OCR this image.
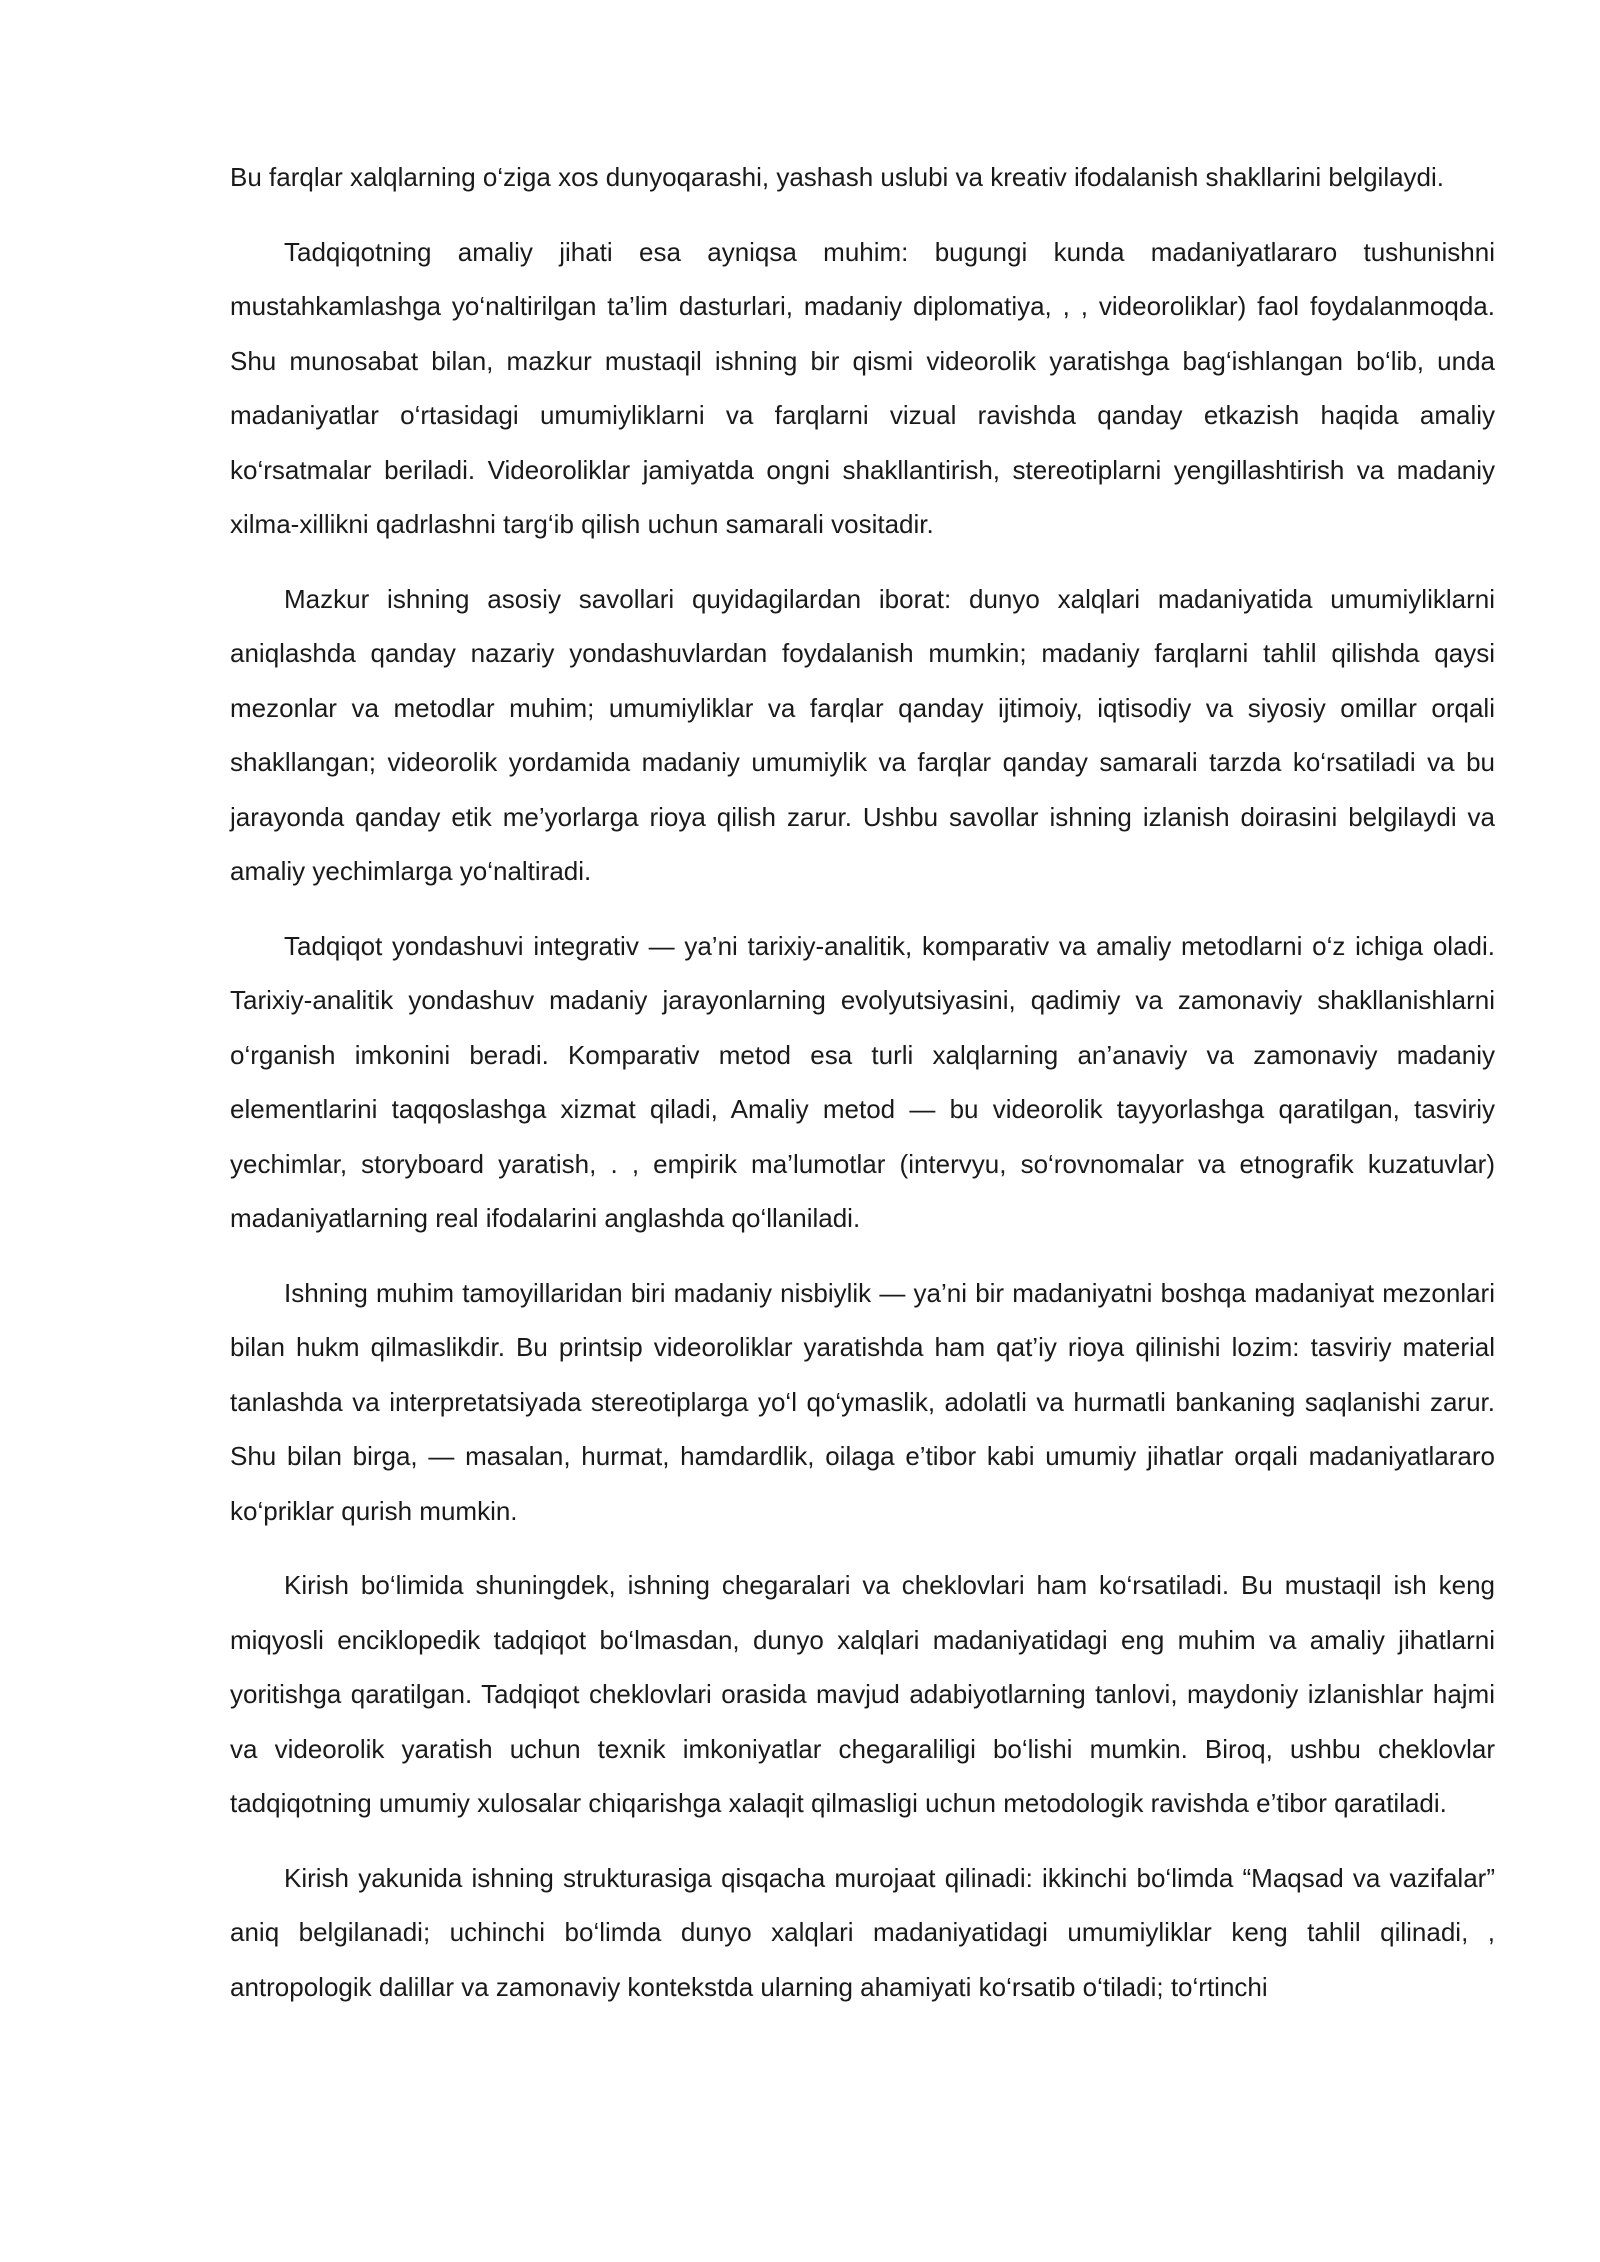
Bu farqlar xalqlarning o‘ziga xos dunyoqarashi, yashash uslubi va kreativ ifodalanish shakllarini belgilaydi.

Tadqiqotning amaliy jihati esa ayniqsa muhim: bugungi kunda madaniyatlararo tushunishni mustahkamlashga yo‘naltirilgan ta’lim dasturlari, madaniy diplomatiya, , , videoroliklar) faol foydalanmoqda. Shu munosabat bilan, mazkur mustaqil ishning bir qismi videorolik yaratishga bag‘ishlangan bo‘lib, unda madaniyatlar o‘rtasidagi umumiyliklarni va farqlarni vizual ravishda qanday etkazish haqida amaliy ko‘rsatmalar beriladi. Videoroliklar jamiyatda ongni shakllantirish, stereotiplarni yengillashtirish va madaniy xilma-xillikni qadrlashni targ‘ib qilish uchun samarali vositadir.

Mazkur ishning asosiy savollari quyidagilardan iborat: dunyo xalqlari madaniyatida umumiyliklarni aniqlashda qanday nazariy yondashuvlardan foydalanish mumkin; madaniy farqlarni tahlil qilishda qaysi mezonlar va metodlar muhim; umumiyliklar va farqlar qanday ijtimoiy, iqtisodiy va siyosiy omillar orqali shakllangan; videorolik yordamida madaniy umumiylik va farqlar qanday samarali tarzda ko‘rsatiladi va bu jarayonda qanday etik me’yorlarga rioya qilish zarur. Ushbu savollar ishning izlanish doirasini belgilaydi va amaliy yechimlarga yo‘naltiradi.

Tadqiqot yondashuvi integrativ — ya’ni tarixiy-analitik, komparativ va amaliy metodlarni o‘z ichiga oladi. Tarixiy-analitik yondashuv madaniy jarayonlarning evolyutsiyasini, qadimiy va zamonaviy shakllanishlarni o‘rganish imkonini beradi. Komparativ metod esa turli xalqlarning an’anaviy va zamonaviy madaniy elementlarini taqqoslashga xizmat qiladi, Amaliy metod — bu videorolik tayyorlashga qaratilgan, tasviriy yechimlar, storyboard yaratish, . , empirik ma’lumotlar (intervyu, so‘rovnomalar va etnografik kuzatuvlar) madaniyatlarning real ifodalarini anglashda qo‘llaniladi.

Ishning muhim tamoyillaridan biri madaniy nisbiylik — ya’ni bir madaniyatni boshqa madaniyat mezonlari bilan hukm qilmaslikdir. Bu printsip videoroliklar yaratishda ham qat’iy rioya qilinishi lozim: tasviriy material tanlashda va interpretatsiyada stereotiplarga yo‘l qo‘ymaslik, adolatli va hurmatli bankaning saqlanishi zarur. Shu bilan birga, — masalan, hurmat, hamdardlik, oilaga e’tibor kabi umumiy jihatlar orqali madaniyatlararo ko‘priklar qurish mumkin.

Kirish bo‘limida shuningdek, ishning chegaralari va cheklovlari ham ko‘rsatiladi. Bu mustaqil ish keng miqyosli enciklopedik tadqiqot bo‘lmasdan, dunyo xalqlari madaniyatidagi eng muhim va amaliy jihatlarni yoritishga qaratilgan. Tadqiqot cheklovlari orasida mavjud adabiyotlarning tanlovi, maydoniy izlanishlar hajmi va videorolik yaratish uchun texnik imkoniyatlar chegaraliligi bo‘lishi mumkin. Biroq, ushbu cheklovlar tadqiqotning umumiy xulosalar chiqarishga xalaqit qilmasligi uchun metodologik ravishda e’tibor qaratiladi.

Kirish yakunida ishning strukturasiga qisqacha murojaat qilinadi: ikkinchi bo‘limda “Maqsad va vazifalar” aniq belgilanadi; uchinchi bo‘limda dunyo xalqlari madaniyatidagi umumiyliklar keng tahlil qilinadi, , antropologik dalillar va zamonaviy kontekstda ularning ahamiyati ko‘rsatib o‘tiladi; to‘rtinchi
